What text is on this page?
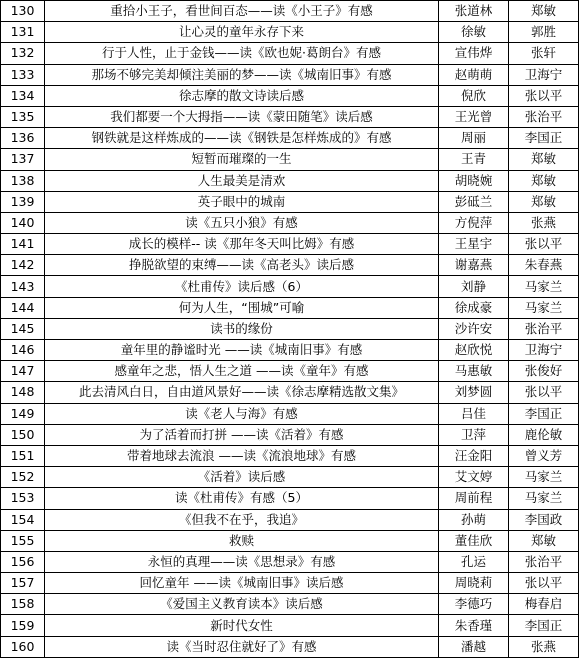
130	重拾小王子，看世间百态——读《小王子》有感	张道林	郑敏
131	让心灵的童年永存下来	徐敏	郭胜
132	行于人性，止于金钱——读《欧也妮·葛朗台》有感	宣伟烨	张轩
133	那场不够完美却倾注美丽的梦——读《城南旧事》有感	赵萌萌	卫海宁
134	徐志摩的散文诗读后感	倪欣	张以平
135	我们都要一个大拇指——读《蒙田随笔》读后感	王光曾	张治平
136	钢铁就是这样炼成的——读《钢铁是怎样炼成的》有感	周丽	李国正
137	短暂而璀璨的一生	王青	郑敏
138	人生最美是清欢	胡晓婉	郑敏
139	英子眼中的城南	彭砥兰	郑敏
140	读《五只小狼》有感	方倪萍	张燕
141	成长的模样-- 读《那年冬天叫比姆》有感	王星宇	张以平
142	挣脱欲望的束缚——读《高老头》读后感	谢嘉燕	朱春燕
143	《杜甫传》读后感（6）	刘静	马家兰
144	何为人生，“围城”可喻	徐成豪	马家兰
145	读书的缘份	沙许安	张治平
146	童年里的静谧时光 ——读《城南旧事》有感	赵欣悦	卫海宁
147	感童年之悲，悟人生之道 ——读《童年》有感	马惠敏	张俊好
148	此去清风白日，自由道风景好——读《徐志摩精选散文集》	刘梦圆	张以平
149	读《老人与海》有感	吕佳	李国正
150	为了活着而打拼 ——读《活着》有感	卫萍	鹿伦敏
151	带着地球去流浪 ——读《流浪地球》有感	汪金阳	曾义芳
152	《活着》读后感	艾文婷	马家兰
153	读《杜甫传》有感（5）	周前程	马家兰
154	《但我不在乎，我追》	孙萌	李国政
155	救赎	董佳欣	郑敏
156	永恒的真理——读《思想录》有感	孔运	张治平
157	回忆童年 ——读《城南旧事》读后感	周晓莉	张以平
158	《爱国主义教育读本》读后感	李德巧	梅春启
159	新时代女性	朱香瑾	李国正
160	读《当时忍住就好了》有感	潘越	张燕
